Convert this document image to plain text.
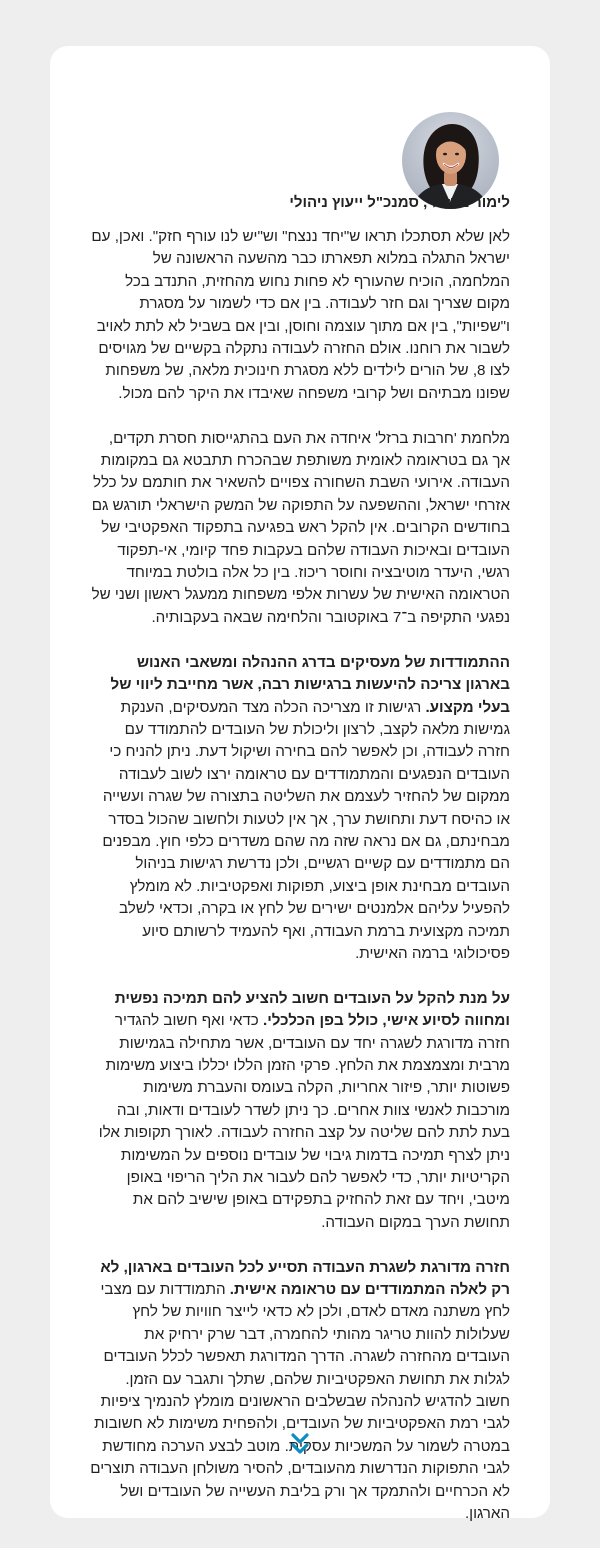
לימור ברזילי, סמנכ"ל ייעוץ ניהולי

לאן שלא תסתכלו תראו ש"יחד ננצח" וש"יש לנו עורף חזק". ואכן, עם ישראל התגלה במלוא תפארתו כבר מהשעה הראשונה של המלחמה, הוכיח שהעורף לא פחות נחוש מהחזית, התנדב בכל מקום שצריך וגם חזר לעבודה. בין אם כדי לשמור על מסגרת ו"שפיות", בין אם מתוך עוצמה וחוסן, ובין אם בשביל לא לתת לאויב לשבור את רוחנו. אולם החזרה לעבודה נתקלה בקשיים של מגויסים לצו 8, של הורים לילדים ללא מסגרת חינוכית מלאה, של משפחות שפונו מבתיהם ושל קרובי משפחה שאיבדו את היקר להם מכול.

מלחמת 'חרבות ברזל' איחדה את העם בהתגייסות חסרת תקדים, אך גם בטראומה לאומית משותפת שבהכרח תתבטא גם במקומות העבודה. אירועי השבת השחורה צפויים להשאיר את חותמם על כלל אזרחי ישראל, וההשפעה על התפוקה של המשק הישראלי תורגש גם בחודשים הקרובים. אין להקל ראש בפגיעה בתפקוד האפקטיבי של העובדים ובאיכות העבודה שלהם בעקבות פחד קיומי, אי-תפקוד רגשי, היעדר מוטיבציה וחוסר ריכוז. בין כל אלה בולטת במיוחד הטראומה האישית של עשרות אלפי משפחות ממעגל ראשון ושני של נפגעי התקיפה ב־7 באוקטובר והלחימה שבאה בעקבותיה.

ההתמודדות של מעסיקים בדרג ההנהלה ומשאבי האנוש בארגון צריכה להיעשות ברגישות רבה, אשר מחייבת ליווי של בעלי מקצוע. רגישות זו מצריכה הכלה מצד המעסיקים, הענקת גמישות מלאה לקצב, לרצון וליכולת של העובדים להתמודד עם חזרה לעבודה, וכן לאפשר להם בחירה ושיקול דעת. ניתן להניח כי העובדים הנפגעים והמתמודדים עם טראומה ירצו לשוב לעבודה ממקום של להחזיר לעצמם את השליטה בתצורה של שגרה ועשייה או כהיסח דעת ותחושת ערך, אך אין לטעות ולחשוב שהכול בסדר מבחינתם, גם אם נראה שזה מה שהם משדרים כלפי חוץ. מבפנים הם מתמודדים עם קשיים רגשיים, ולכן נדרשת רגישות בניהול העובדים מבחינת אופן ביצוע, תפוקות ואפקטיביות. לא מומלץ להפעיל עליהם אלמנטים ישירים של לחץ או בקרה, וכדאי לשלב תמיכה מקצועית ברמת העבודה, ואף להעמיד לרשותם סיוע פסיכולוגי ברמה האישית.

על מנת להקל על העובדים חשוב להציע להם תמיכה נפשית ומחווה לסיוע אישי, כולל בפן הכלכלי. כדאי ואף חשוב להגדיר חזרה מדורגת לשגרה יחד עם העובדים, אשר מתחילה בגמישות מרבית ומצמצמת את הלחץ. פרקי הזמן הללו יכללו ביצוע משימות פשוטות יותר, פיזור אחריות, הקלה בעומס והעברת משימות מורכבות לאנשי צוות אחרים. כך ניתן לשדר לעובדים ודאות, ובה בעת לתת להם שליטה על קצב החזרה לעבודה. לאורך תקופות אלו ניתן לצרף תמיכה בדמות גיבוי של עובדים נוספים על המשימות הקריטיות יותר, כדי לאפשר להם לעבור את הליך הריפוי באופן מיטבי, ויחד עם זאת להחזיק בתפקידם באופן שישיב להם את תחושת הערך במקום העבודה.

חזרה מדורגת לשגרת העבודה תסייע לכל העובדים בארגון, לא רק לאלה המתמודדים עם טראומה אישית. התמודדות עם מצבי לחץ משתנה מאדם לאדם, ולכן לא כדאי לייצר חוויות של לחץ שעלולות להוות טריגר מהותי להחמרה, דבר שרק ירחיק את העובדים מהחזרה לשגרה. הדרך המדורגת תאפשר לכלל העובדים לגלות את תחושת האפקטיביות שלהם, שתלך ותגבר עם הזמן. חשוב להדגיש להנהלה שבשלבים הראשונים מומלץ להנמיך ציפיות לגבי רמת האפקטיביות של העובדים, ולהפחית משימות לא חשובות במטרה לשמור על המשכיות עסקית. מוטב לבצע הערכה מחודשת לגבי התפוקות הנדרשות מהעובדים, להסיר משולחן העבודה תוצרים לא הכרחיים ולהתמקד אך ורק בליבת העשייה של העובדים ושל הארגון.
